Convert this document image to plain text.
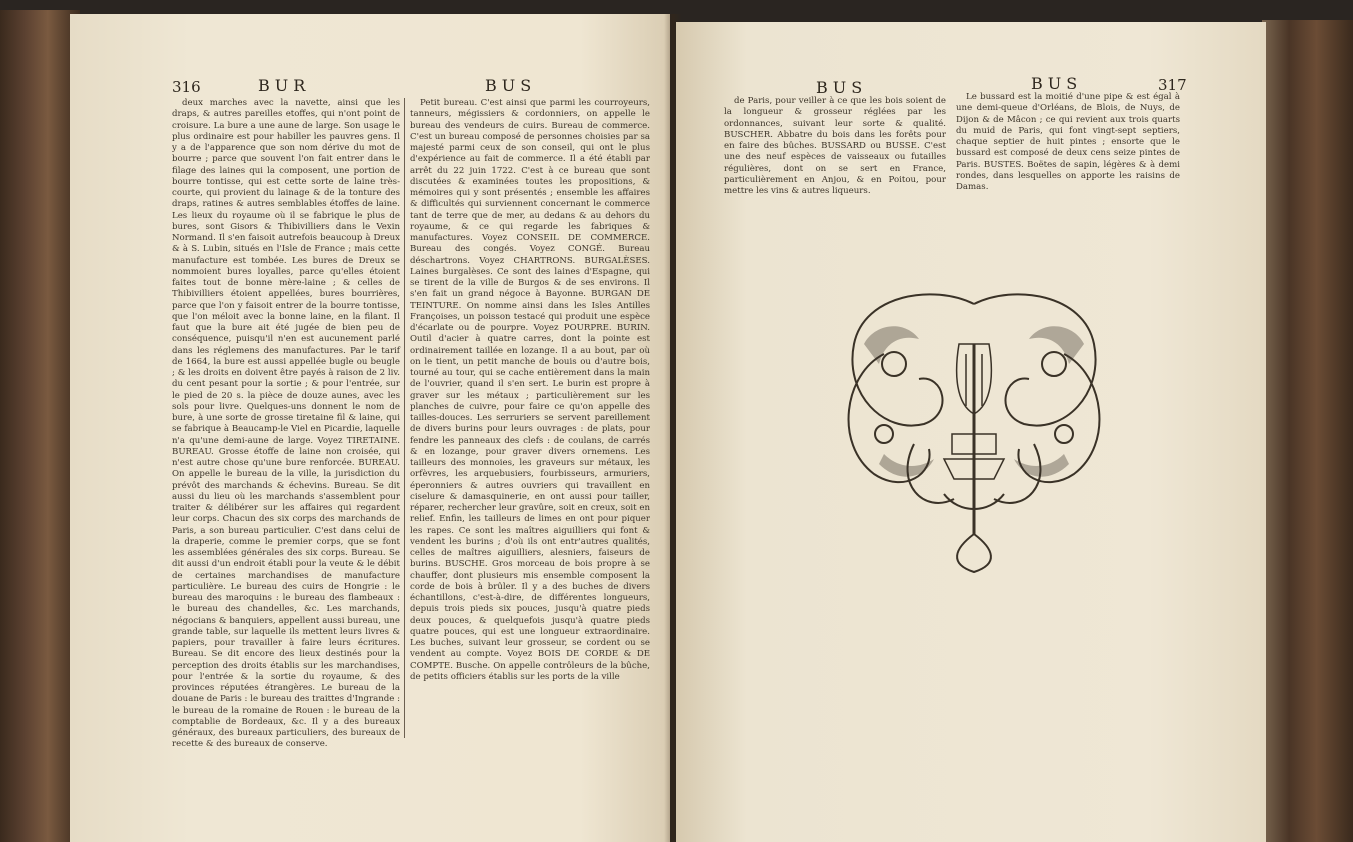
316	BUR	BUS

deux marches avec la navette, ainsi que les draps, & autres pareilles etoffes, qui n'ont point de croisure. La bure a une aune de large. Son usage le plus ordinaire est pour habiller les pauvres gens. Il y a de l'apparence que son nom dérive du mot de bourre ; parce que souvent l'on fait entrer dans le filage des laines qui la composent, une portion de bourre tontisse, qui est cette sorte de laine très-courte, qui provient du lainage & de la tonture des draps, ratines & autres semblables étoffes de laine. Les lieux du royaume où il se fabrique le plus de bures, sont Gisors & Thibivilliers dans le Vexin Normand. Il s'en faisoit autrefois beaucoup à Dreux & à S. Lubin, situés en l'Isle de France ; mais cette manufacture est tombée. Les bures de Dreux se nommoient bures loyalles, parce qu'elles étoient faites tout de bonne mère-laine ; & celles de Thibivilliers étoient appellées, bures bourrières, parce que l'on y faisoit entrer de la bourre tontisse, que l'on méloit avec la bonne laine, en la filant. Il faut que la bure ait été jugée de bien peu de conséquence, puisqu'il n'en est aucunement parlé dans les réglemens des manufactures. Par le tarif de 1664, la bure est aussi appellée bugle ou beugle ; & les droits en doivent être payés à raison de 2 liv. du cent pesant pour la sortie ; & pour l'entrée, sur le pied de 20 s. la pièce de douze aunes, avec les sols pour livre. Quelques-uns donnent le nom de bure, à une sorte de grosse tiretaine fil & laine, qui se fabrique à Beaucamp-le Viel en Picardie, laquelle n'a qu'une demi-aune de large. Voyez TIRETAINE. BUREAU. Grosse étoffe de laine non croisée, qui n'est autre chose qu'une bure renforcée. BUREAU. On appelle le bureau de la ville, la jurisdiction du prévôt des marchands & échevins. Bureau. Se dit aussi du lieu où les marchands s'assemblent pour traiter & délibérer sur les affaires qui regardent leur corps. Chacun des six corps des marchands de Paris, a son bureau particulier. C'est dans celui de la draperie, comme le premier corps, que se font les assemblées générales des six corps. Bureau. Se dit aussi d'un endroit établi pour la veute & le débit de certaines marchandises de manufacture particulière. Le bureau des cuirs de Hongrie : le bureau des maroquins : le bureau des flambeaux : le bureau des chandelles, &c. Les marchands, négocians & banquiers, appellent aussi bureau, une grande table, sur laquelle ils mettent leurs livres & papiers, pour travailler à faire leurs écritures. Bureau. Se dit encore des lieux destinés pour la perception des droits établis sur les marchandises, pour l'entrée & la sortie du royaume, & des provinces réputées étrangères. Le bureau de la douane de Paris : le bureau des traittes d'Ingrande : le bureau de la romaine de Rouen : le bureau de la comptablie de Bordeaux, &c. Il y a des bureaux généraux, des bureaux particuliers, des bureaux de recette & des bureaux de conserve.

Petit bureau. C'est ainsi que parmi les courroyeurs, tanneurs, mégissiers & cordonniers, on appelle le bureau des vendeurs de cuirs. Bureau de commerce. C'est un bureau composé de personnes choisies par sa majesté parmi ceux de son conseil, qui ont le plus d'expérience au fait de commerce. Il a été établi par arrêt du 22 juin 1722. C'est à ce bureau que sont discutées & examinées toutes les propositions, & mémoires qui y sont présentés ; ensemble les affaires & difficultés qui surviennent concernant le commerce tant de terre que de mer, au dedans & au dehors du royaume, & ce qui regarde les fabriques & manufactures. Voyez CONSEIL DE COMMERCE. Bureau des congés. Voyez CONGÉ. Bureau déschartrons. Voyez CHARTRONS. BURGALÈSES. Laines burgalèses. Ce sont des laines d'Espagne, qui se tirent de la ville de Burgos & de ses environs. Il s'en fait un grand négoce à Bayonne. BURGAN DE TEINTURE. On nomme ainsi dans les Isles Antilles Françoises, un poisson testacé qui produit une espèce d'écarlate ou de pourpre. Voyez POURPRE. BURIN. Outil d'acier à quatre carres, dont la pointe est ordinairement taillée en lozange. Il a au bout, par où on le tient, un petit manche de bouis ou d'autre bois, tourné au tour, qui se cache entièrement dans la main de l'ouvrier, quand il s'en sert. Le burin est propre à graver sur les métaux ; particulièrement sur les planches de cuivre, pour faire ce qu'on appelle des tailles-douces. Les serruriers se servent pareillement de divers burins pour leurs ouvrages : de plats, pour fendre les panneaux des clefs : de coulans, de carrés & en lozange, pour graver divers ornemens. Les tailleurs des monnoies, les graveurs sur métaux, les orfèvres, les arquebusiers, fourbisseurs, armuriers, éperonniers & autres ouvriers qui travaillent en ciselure & damasquinerie, en ont aussi pour tailler, réparer, rechercher leur gravûre, soit en creux, soit en relief. Enfin, les tailleurs de limes en ont pour piquer les rapes. Ce sont les maîtres aiguilliers qui font & vendent les burins ; d'où ils ont entr'autres qualités, celles de maîtres aiguilliers, alesniers, faiseurs de burins. BUSCHE. Gros morceau de bois propre à se chauffer, dont plusieurs mis ensemble composent la corde de bois à brûler. Il y a des buches de divers échantillons, c'est-à-dire, de différentes longueurs, depuis trois pieds six pouces, jusqu'à quatre pieds deux pouces, & quelquefois jusqu'à quatre pieds quatre pouces, qui est une longueur extraordinaire. Les buches, suivant leur grosseur, se cordent ou se vendent au compte. Voyez BOIS DE CORDE & DE COMPTE. Busche. On appelle contrôleurs de la bûche, de petits officiers établis sur les ports de la ville

BUS	BUS	317

de Paris, pour veiller à ce que les bois soient de la longueur & grosseur réglées par les ordonnances, suivant leur sorte & qualité. BUSCHER. Abbatre du bois dans les forêts pour en faire des bûches. BUSSARD ou BUSSE. C'est une des neuf espèces de vaisseaux ou futailles régulières, dont on se sert en France, particulièrement en Anjou, & en Poitou, pour mettre les vins & autres liqueurs.

Le bussard est la moitié d'une pipe & est égal à une demi-queue d'Orléans, de Blois, de Nuys, de Dijon & de Mâcon ; ce qui revient aux trois quarts du muid de Paris, qui font vingt-sept septiers, chaque septier de huit pintes ; ensorte que le bussard est composé de deux cens seize pintes de Paris. BUSTES. Boëtes de sapin, légères & à demi rondes, dans lesquelles on apporte les raisins de Damas.
